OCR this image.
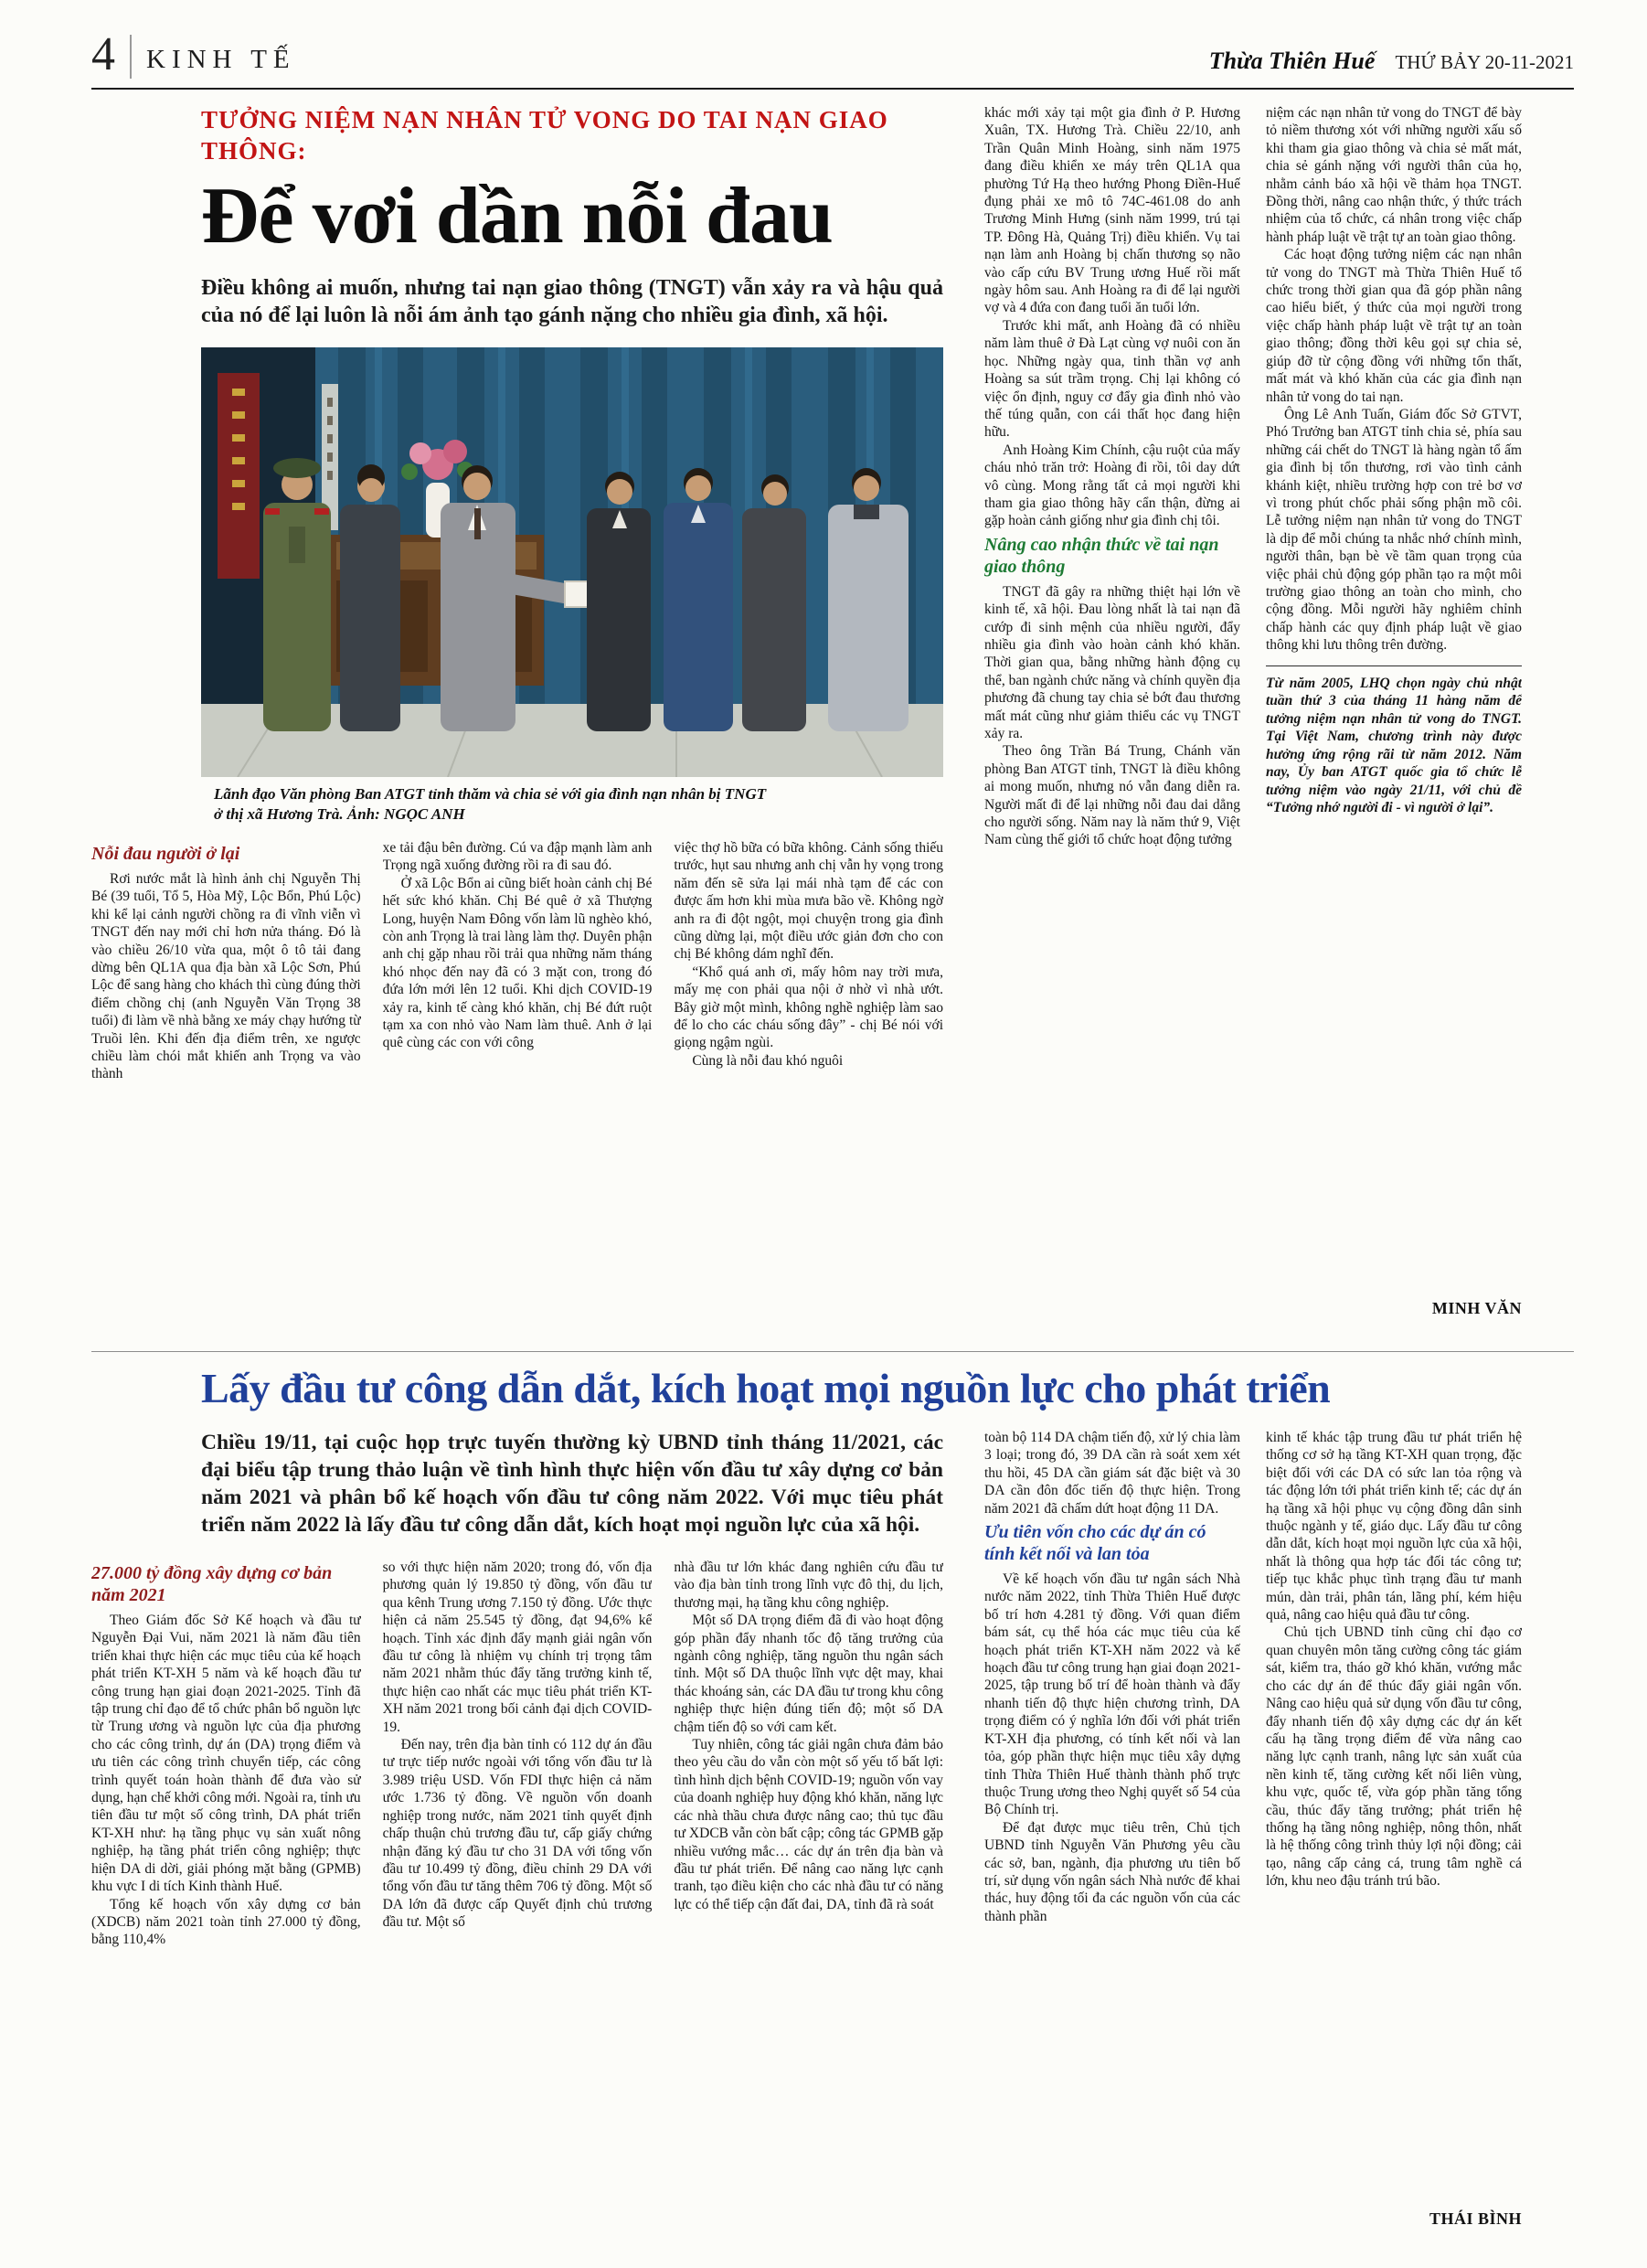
4 KINH TẾ	Thừa Thiên Huế THỨ BẢY 20-11-2021
TƯỞNG NIỆM NẠN NHÂN TỬ VONG DO TAI NẠN GIAO THÔNG:
Để vơi dần nỗi đau

Điều không ai muốn, nhưng tai nạn giao thông (TNGT) vẫn xảy ra và hậu quả của nó để lại luôn là nỗi ám ảnh tạo gánh nặng cho nhiều gia đình, xã hội.

Lãnh đạo Văn phòng Ban ATGT tỉnh thăm và chia sẻ với gia đình nạn nhân bị TNGT
ở thị xã Hương Trà. Ảnh: NGỌC ANH
Nỗi đau người ở lại

Rơi nước mắt là hình ảnh chị Nguyễn Thị Bé (39 tuổi, Tổ 5, Hòa Mỹ, Lộc Bổn, Phú Lộc) khi kể lại cảnh người chồng ra đi vĩnh viễn vì TNGT đến nay mới chỉ hơn nửa tháng. Đó là vào chiều 26/10 vừa qua, một ô tô tải đang dừng bên QL1A qua địa bàn xã Lộc Sơn, Phú Lộc để sang hàng cho khách thì cùng đúng thời điểm chồng chị (anh Nguyễn Văn Trọng 38 tuổi) đi làm về nhà bằng xe máy chạy hướng từ Truồi lên. Khi đến địa điểm trên, xe ngược chiều làm chói mắt khiến anh Trọng va vào thành

xe tải đậu bên đường. Cú va đập mạnh làm anh Trọng ngã xuống đường rồi ra đi sau đó.

Ở xã Lộc Bổn ai cũng biết hoàn cảnh chị Bé hết sức khó khăn. Chị Bé quê ở xã Thượng Long, huyện Nam Đông vốn làm lũ nghèo khó, còn anh Trọng là trai làng làm thợ. Duyên phận anh chị gặp nhau rồi trải qua những năm tháng khó nhọc đến nay đã có 3 mặt con, trong đó đứa lớn mới lên 12 tuổi. Khi dịch COVID-19 xảy ra, kinh tế càng khó khăn, chị Bé đứt ruột tạm xa con nhỏ vào Nam làm thuê. Anh ở lại quê cùng các con với công

việc thợ hồ bữa có bữa không. Cảnh sống thiếu trước, hụt sau nhưng anh chị vẫn hy vọng trong năm đến sẽ sửa lại mái nhà tạm để các con được ấm hơn khi mùa mưa bão về. Không ngờ anh ra đi đột ngột, mọi chuyện trong gia đình cũng dừng lại, một điều ước giản đơn cho con chị Bé không dám nghĩ đến.

“Khổ quá anh ơi, mấy hôm nay trời mưa, mấy mẹ con phải qua nội ở nhờ vì nhà ướt. Bây giờ một mình, không nghề nghiệp làm sao để lo cho các cháu sống đây” - chị Bé nói với giọng ngậm ngùi.

Cùng là nỗi đau khó nguôi

khác mới xảy tại một gia đình ở P. Hương Xuân, TX. Hương Trà. Chiều 22/10, anh Trần Quân Minh Hoàng, sinh năm 1975 đang điều khiển xe máy trên QL1A qua phường Tứ Hạ theo hướng Phong Điền-Huế đụng phải xe mô tô 74C-461.08 do anh Trương Minh Hưng (sinh năm 1999, trú tại TP. Đông Hà, Quảng Trị) điều khiển. Vụ tai nạn làm anh Hoàng bị chấn thương sọ não vào cấp cứu BV Trung ương Huế rồi mất ngày hôm sau. Anh Hoàng ra đi để lại người vợ và 4 đứa con đang tuổi ăn tuổi lớn.

Trước khi mất, anh Hoàng đã có nhiều năm làm thuê ở Đà Lạt cùng vợ nuôi con ăn học. Những ngày qua, tinh thần vợ anh Hoàng sa sút trầm trọng. Chị lại không có việc ổn định, nguy cơ đẩy gia đình nhỏ vào thế túng quẫn, con cái thất học đang hiện hữu.

Anh Hoàng Kim Chính, cậu ruột của mấy cháu nhỏ trăn trở: Hoàng đi rồi, tôi day dứt vô cùng. Mong rằng tất cả mọi người khi tham gia giao thông hãy cẩn thận, đừng ai gặp hoàn cảnh giống như gia đình chị tôi.

Nâng cao nhận thức về tai nạn giao thông

TNGT đã gây ra những thiệt hại lớn về kinh tế, xã hội. Đau lòng nhất là tai nạn đã cướp đi sinh mệnh của nhiều người, đẩy nhiều gia đình vào hoàn cảnh khó khăn. Thời gian qua, bằng những hành động cụ thể, ban ngành chức năng và chính quyền địa phương đã chung tay chia sẻ bớt đau thương mất mát cũng như giảm thiểu các vụ TNGT xảy ra.

Theo ông Trần Bá Trung, Chánh văn phòng Ban ATGT tỉnh, TNGT là điều không ai mong muốn, nhưng nó vẫn đang diễn ra. Người mất đi để lại những nỗi đau dai dẳng cho người sống. Năm nay là năm thứ 9, Việt Nam cùng thế giới tổ chức hoạt động tưởng

niệm các nạn nhân tử vong do TNGT để bày tỏ niềm thương xót với những người xấu số khi tham gia giao thông và chia sẻ mất mát, chia sẻ gánh nặng với người thân của họ, nhằm cảnh báo xã hội về thảm họa TNGT. Đồng thời, nâng cao nhận thức, ý thức trách nhiệm của tổ chức, cá nhân trong việc chấp hành pháp luật về trật tự an toàn giao thông.

Các hoạt động tưởng niệm các nạn nhân tử vong do TNGT mà Thừa Thiên Huế tổ chức trong thời gian qua đã góp phần nâng cao hiểu biết, ý thức của mọi người trong việc chấp hành pháp luật về trật tự an toàn giao thông; đồng thời kêu gọi sự chia sẻ, giúp đỡ từ cộng đồng với những tổn thất, mất mát và khó khăn của các gia đình nạn nhân tử vong do tai nạn.

Ông Lê Anh Tuấn, Giám đốc Sở GTVT, Phó Trưởng ban ATGT tỉnh chia sẻ, phía sau những cái chết do TNGT là hàng ngàn tổ ấm gia đình bị tổn thương, rơi vào tình cảnh khánh kiệt, nhiều trường hợp con trẻ bơ vơ vì trong phút chốc phải sống phận mồ côi. Lễ tưởng niệm nạn nhân tử vong do TNGT là dịp để mỗi chúng ta nhắc nhớ chính mình, người thân, bạn bè về tầm quan trọng của việc phải chủ động góp phần tạo ra một môi trường giao thông an toàn cho mình, cho cộng đồng. Mỗi người hãy nghiêm chỉnh chấp hành các quy định pháp luật về giao thông khi lưu thông trên đường.

Từ năm 2005, LHQ chọn ngày chủ nhật tuần thứ 3 của tháng 11 hàng năm để tưởng niệm nạn nhân tử vong do TNGT. Tại Việt Nam, chương trình này được hưởng ứng rộng rãi từ năm 2012. Năm nay, Ủy ban ATGT quốc gia tổ chức lễ tưởng niệm vào ngày 21/11, với chủ đề “Tưởng nhớ người đi - vì người ở lại”.
MINH VĂN
Lấy đầu tư công dẫn dắt, kích hoạt mọi nguồn lực cho phát triển

Chiều 19/11, tại cuộc họp trực tuyến thường kỳ UBND tỉnh tháng 11/2021, các đại biểu tập trung thảo luận về tình hình thực hiện vốn đầu tư xây dựng cơ bản năm 2021 và phân bổ kế hoạch vốn đầu tư công năm 2022. Với mục tiêu phát triển năm 2022 là lấy đầu tư công dẫn dắt, kích hoạt mọi nguồn lực của xã hội.

27.000 tỷ đồng xây dựng cơ bản năm 2021

Theo Giám đốc Sở Kế hoạch và đầu tư Nguyễn Đại Vui, năm 2021 là năm đầu tiên triển khai thực hiện các mục tiêu của kế hoạch phát triển KT-XH 5 năm và kế hoạch đầu tư công trung hạn giai đoạn 2021-2025. Tỉnh đã tập trung chỉ đạo để tổ chức phân bổ nguồn lực từ Trung ương và nguồn lực của địa phương cho các công trình, dự án (DA) trọng điểm và ưu tiên các công trình chuyển tiếp, các công trình quyết toán hoàn thành để đưa vào sử dụng, hạn chế khởi công mới. Ngoài ra, tỉnh ưu tiên đầu tư một số công trình, DA phát triển KT-XH như: hạ tầng phục vụ sản xuất nông nghiệp, hạ tầng phát triển công nghiệp; thực hiện DA di dời, giải phóng mặt bằng (GPMB) khu vực I di tích Kinh thành Huế.

Tổng kế hoạch vốn xây dựng cơ bản (XDCB) năm 2021 toàn tỉnh 27.000 tỷ đồng, bằng 110,4%

so với thực hiện năm 2020; trong đó, vốn địa phương quản lý 19.850 tỷ đồng, vốn đầu tư qua kênh Trung ương 7.150 tỷ đồng. Ước thực hiện cả năm 25.545 tỷ đồng, đạt 94,6% kế hoạch. Tỉnh xác định đẩy mạnh giải ngân vốn đầu tư công là nhiệm vụ chính trị trọng tâm năm 2021 nhằm thúc đẩy tăng trưởng kinh tế, thực hiện cao nhất các mục tiêu phát triển KT-XH năm 2021 trong bối cảnh đại dịch COVID-19.

Đến nay, trên địa bàn tỉnh có 112 dự án đầu tư trực tiếp nước ngoài với tổng vốn đầu tư là 3.989 triệu USD. Vốn FDI thực hiện cả năm ước 1.736 tỷ đồng. Về nguồn vốn doanh nghiệp trong nước, năm 2021 tỉnh quyết định chấp thuận chủ trương đầu tư, cấp giấy chứng nhận đăng ký đầu tư cho 31 DA với tổng vốn đầu tư 10.499 tỷ đồng, điều chỉnh 29 DA với tổng vốn đầu tư tăng thêm 706 tỷ đồng. Một số DA lớn đã được cấp Quyết định chủ trương đầu tư. Một số

nhà đầu tư lớn khác đang nghiên cứu đầu tư vào địa bàn tỉnh trong lĩnh vực đô thị, du lịch, thương mại, hạ tầng khu công nghiệp.

Một số DA trọng điểm đã đi vào hoạt động góp phần đẩy nhanh tốc độ tăng trưởng của ngành công nghiệp, tăng nguồn thu ngân sách tỉnh. Một số DA thuộc lĩnh vực dệt may, khai thác khoáng sản, các DA đầu tư trong khu công nghiệp thực hiện đúng tiến độ; một số DA chậm tiến độ so với cam kết.

Tuy nhiên, công tác giải ngân chưa đảm bảo theo yêu cầu do vẫn còn một số yếu tố bất lợi: tình hình dịch bệnh COVID-19; nguồn vốn vay của doanh nghiệp huy động khó khăn, năng lực các nhà thầu chưa được nâng cao; thủ tục đầu tư XDCB vẫn còn bất cập; công tác GPMB gặp nhiều vướng mắc… các dự án trên địa bàn và đầu tư phát triển. Để nâng cao năng lực cạnh tranh, tạo điều kiện cho các nhà đầu tư có năng lực có thể tiếp cận đất đai, DA, tỉnh đã rà soát

toàn bộ 114 DA chậm tiến độ, xử lý chia làm 3 loại; trong đó, 39 DA cần rà soát xem xét thu hồi, 45 DA cần giám sát đặc biệt và 30 DA cần đôn đốc tiến độ thực hiện. Trong năm 2021 đã chấm dứt hoạt động 11 DA.

Ưu tiên vốn cho các dự án có tính kết nối và lan tỏa

Về kế hoạch vốn đầu tư ngân sách Nhà nước năm 2022, tỉnh Thừa Thiên Huế được bố trí hơn 4.281 tỷ đồng. Với quan điểm bám sát, cụ thể hóa các mục tiêu của kế hoạch phát triển KT-XH năm 2022 và kế hoạch đầu tư công trung hạn giai đoạn 2021-2025, tập trung bố trí để hoàn thành và đẩy nhanh tiến độ thực hiện chương trình, DA trọng điểm có ý nghĩa lớn đối với phát triển KT-XH địa phương, có tính kết nối và lan tỏa, góp phần thực hiện mục tiêu xây dựng tỉnh Thừa Thiên Huế thành thành phố trực thuộc Trung ương theo Nghị quyết số 54 của Bộ Chính trị.

Để đạt được mục tiêu trên, Chủ tịch UBND tỉnh Nguyễn Văn Phương yêu cầu các sở, ban, ngành, địa phương ưu tiên bố trí, sử dụng vốn ngân sách Nhà nước để khai thác, huy động tối đa các nguồn vốn của các thành phần

kinh tế khác tập trung đầu tư phát triển hệ thống cơ sở hạ tầng KT-XH quan trọng, đặc biệt đối với các DA có sức lan tỏa rộng và tác động lớn tới phát triển kinh tế; các dự án hạ tầng xã hội phục vụ cộng đồng dân sinh thuộc ngành y tế, giáo dục. Lấy đầu tư công dẫn dắt, kích hoạt mọi nguồn lực của xã hội, nhất là thông qua hợp tác đối tác công tư; tiếp tục khắc phục tình trạng đầu tư manh mún, dàn trải, phân tán, lãng phí, kém hiệu quả, nâng cao hiệu quả đầu tư công.

Chủ tịch UBND tỉnh cũng chỉ đạo cơ quan chuyên môn tăng cường công tác giám sát, kiểm tra, tháo gỡ khó khăn, vướng mắc cho các dự án để thúc đẩy giải ngân vốn. Nâng cao hiệu quả sử dụng vốn đầu tư công, đẩy nhanh tiến độ xây dựng các dự án kết cấu hạ tầng trọng điểm để vừa nâng cao năng lực cạnh tranh, nâng lực sản xuất của nền kinh tế, tăng cường kết nối liên vùng, khu vực, quốc tế, vừa góp phần tăng tổng cầu, thúc đẩy tăng trưởng; phát triển hệ thống hạ tầng nông nghiệp, nông thôn, nhất là hệ thống công trình thủy lợi nội đồng; cải tạo, nâng cấp cảng cá, trung tâm nghề cá lớn, khu neo đậu tránh trú bão.

THÁI BÌNH
